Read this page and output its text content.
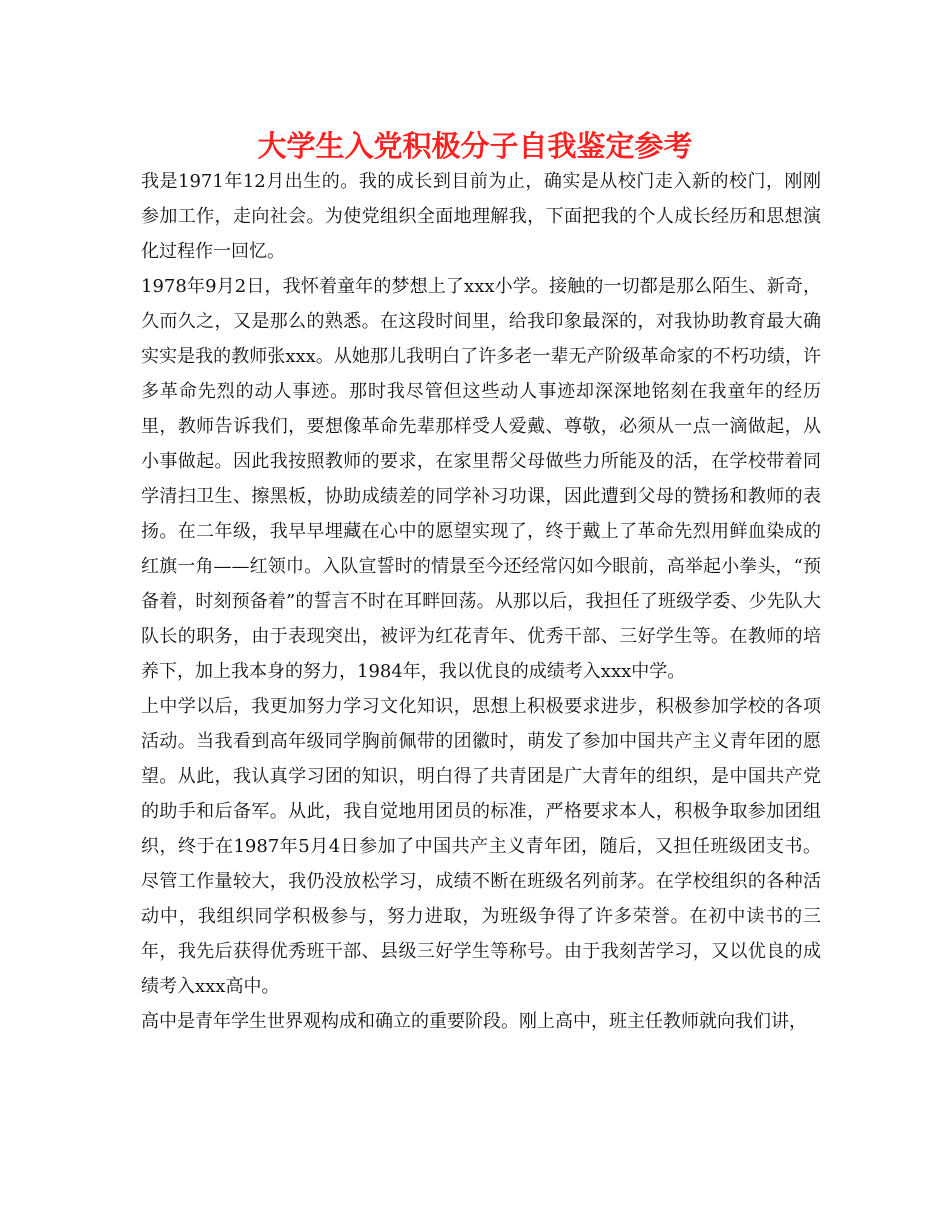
大学生入党积极分子自我鉴定参考

我是1971年12月出生的。我的成长到目前为止，确实是从校门走入新的校门，刚刚参加工作，走向社会。为使党组织全面地理解我，下面把我的个人成长经历和思想演化过程作一回忆。

1978年9月2日，我怀着童年的梦想上了xxx小学。接触的一切都是那么陌生、新奇，久而久之，又是那么的熟悉。在这段时间里，给我印象最深的，对我协助教育最大确实实是我的教师张xxx。从她那儿我明白了许多老一辈无产阶级革命家的不朽功绩，许多革命先烈的动人事迹。那时我尽管但这些动人事迹却深深地铭刻在我童年的经历里，教师告诉我们，要想像革命先辈那样受人爱戴、尊敬，必须从一点一滴做起，从小事做起。因此我按照教师的要求，在家里帮父母做些力所能及的活，在学校带着同学清扫卫生、擦黑板，协助成绩差的同学补习功课，因此遭到父母的赞扬和教师的表扬。在二年级，我早早埋藏在心中的愿望实现了，终于戴上了革命先烈用鲜血染成的红旗一角——红领巾。入队宣誓时的情景至今还经常闪如今眼前，高举起小拳头，“预备着，时刻预备着”的誓言不时在耳畔回荡。从那以后，我担任了班级学委、少先队大队长的职务，由于表现突出，被评为红花青年、优秀干部、三好学生等。在教师的培养下，加上我本身的努力，1984年，我以优良的成绩考入xxx中学。

上中学以后，我更加努力学习文化知识，思想上积极要求进步，积极参加学校的各项活动。当我看到高年级同学胸前佩带的团徽时，萌发了参加中国共产主义青年团的愿望。从此，我认真学习团的知识，明白得了共青团是广大青年的组织，是中国共产党的助手和后备军。从此，我自觉地用团员的标准，严格要求本人，积极争取参加团组织，终于在1987年5月4日参加了中国共产主义青年团，随后，又担任班级团支书。尽管工作量较大，我仍没放松学习，成绩不断在班级名列前茅。在学校组织的各种活动中，我组织同学积极参与，努力进取，为班级争得了许多荣誉。在初中读书的三年，我先后获得优秀班干部、县级三好学生等称号。由于我刻苦学习，又以优良的成绩考入xxx高中。

高中是青年学生世界观构成和确立的重要阶段。刚上高中，班主任教师就向我们讲，
